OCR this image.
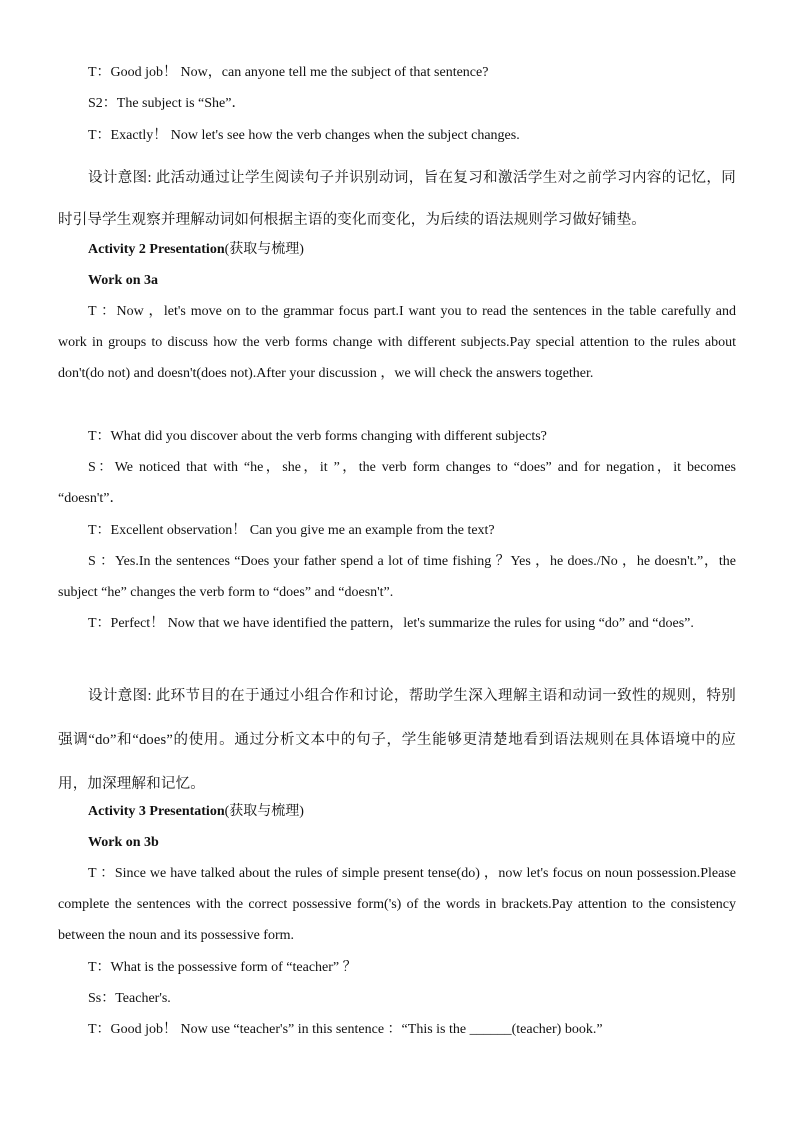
T：Good job！ Now，can anyone tell me the subject of that sentence?

S2：The subject is “She”．

T：Exactly！ Now let's see how the verb changes when the subject changes.

设计意图: 此活动通过让学生阅读句子并识别动词，旨在复习和激活学生对之前学习内容的记忆，同时引导学生观察并理解动词如何根据主语的变化而变化，为后续的语法规则学习做好铺垫。

Activity 2 Presentation(获取与梳理)

Work on 3a

T ：Now ，let's move on to the grammar focus part.I want you to read the sentences in the table carefully and work in groups to discuss how the verb forms change with different subjects.Pay special attention to the rules about don't(do not) and doesn't(does not).After your discussion ，we will check the answers together.

T：What did you discover about the verb forms changing with different subjects?

S：We noticed that with “he，she，it ”，the verb form changes to “does” and for negation，it becomes “doesn't”．

T：Excellent observation！ Can you give me an example from the text?

S ：Yes.In the sentences “Does your father spend a lot of time fishing ？Yes ，he does./No ，he doesn't.”，the subject “he” changes the verb form to “does” and “doesn't”.

T：Perfect！ Now that we have identified the pattern，let's summarize the rules for using “do” and “does”.

设计意图: 此环节目的在于通过小组合作和讨论，帮助学生深入理解主语和动词一致性的规则，特别强调“do”和“does”的使用。通过分析文本中的句子，学生能够更清楚地看到语法规则在具体语境中的应用，加深理解和记忆。

Activity 3 Presentation(获取与梳理)

Work on 3b

T ：Since we have talked about the rules of simple present tense(do) ，now let's focus on noun possession.Please complete the sentences with the correct possessive form('s) of the words in brackets.Pay attention to the consistency between the noun and its possessive form.

T：What is the possessive form of “teacher” ？

Ss：Teacher's.

T：Good job！ Now use “teacher's” in this sentence ：“This is the ______(teacher) book.”
